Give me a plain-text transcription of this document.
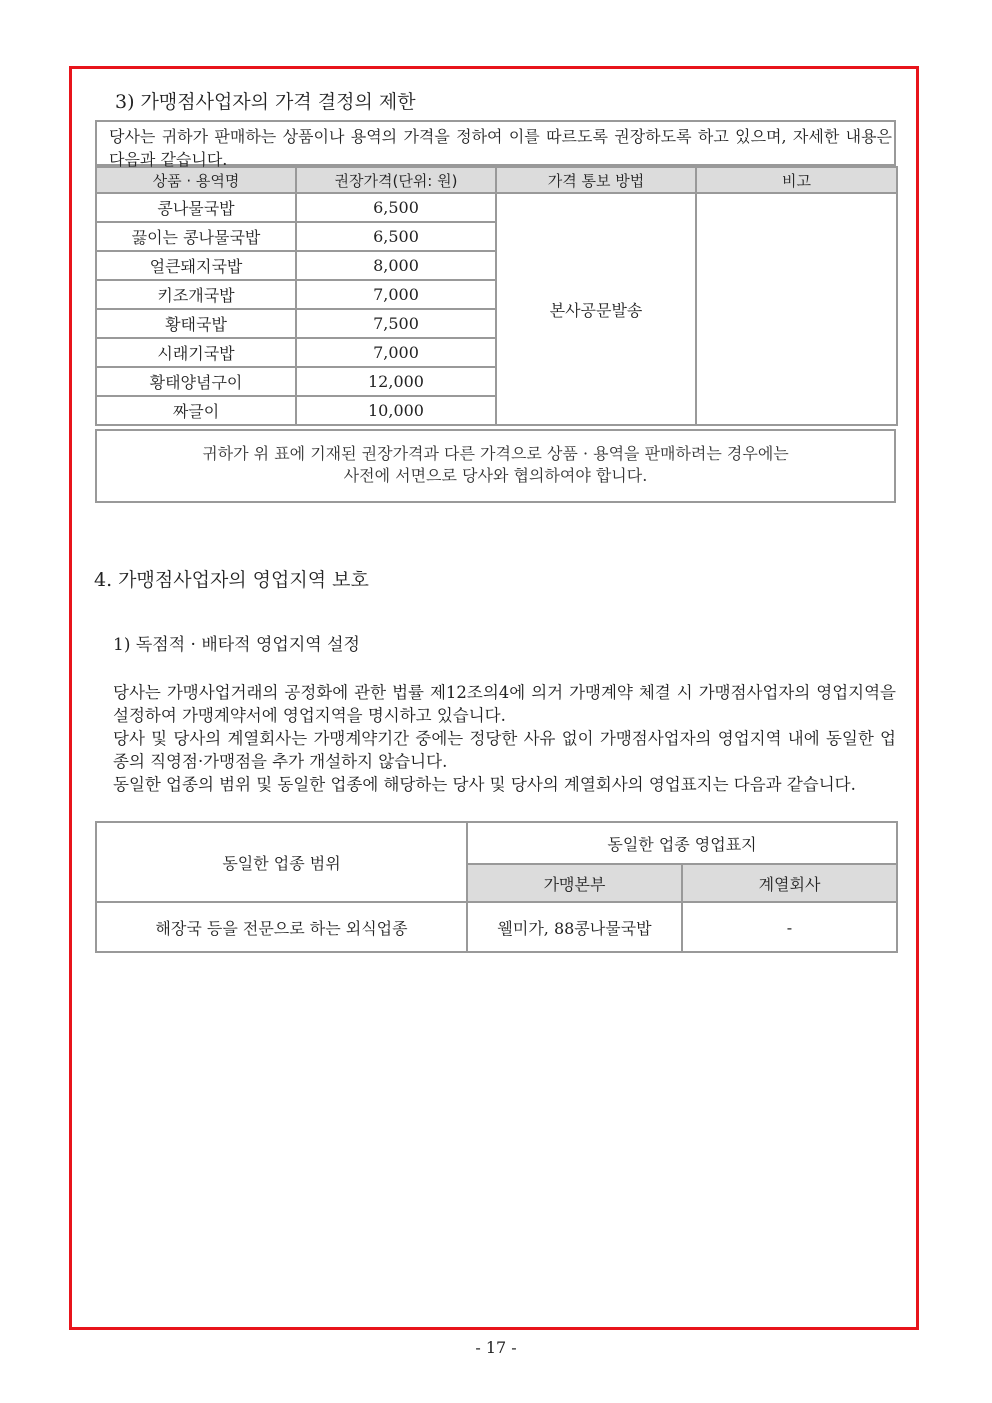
3) 가맹점사업자의 가격 결정의 제한
당사는 귀하가 판매하는 상품이나 용역의 가격을 정하여 이를 따르도록 권장하도록 하고 있으며, 자세한 내용은 다음과 같습니다.
상품 · 용역명	권장가격(단위: 원)	가격 통보 방법	비고
콩나물국밥	6,500	본사공문발송	
끓이는 콩나물국밥	6,500		
얼큰돼지국밥	8,000		
키조개국밥	7,000		
황태국밥	7,500		
시래기국밥	7,000		
황태양념구이	12,000		
짜글이	10,000		
귀하가 위 표에 기재된 권장가격과 다른 가격으로 상품 · 용역을 판매하려는 경우에는
사전에 서면으로 당사와 협의하여야 합니다.
4. 가맹점사업자의 영업지역 보호
1) 독점적 · 배타적 영업지역 설정

당사는 가맹사업거래의 공정화에 관한 법률 제12조의4에 의거 가맹계약 체결 시 가맹점사업자의 영업지역을 설정하여 가맹계약서에 영업지역을 명시하고 있습니다.

당사 및 당사의 계열회사는 가맹계약기간 중에는 정당한 사유 없이 가맹점사업자의 영업지역 내에 동일한 업종의 직영점·가맹점을 추가 개설하지 않습니다.

동일한 업종의 범위 및 동일한 업종에 해당하는 당사 및 당사의 계열회사의 영업표지는 다음과 같습니다.

동일한 업종 범위	동일한 업종 영업표지	
	가맹본부	계열회사
해장국 등을 전문으로 하는 외식업종	웰미가, 88콩나물국밥	-
- 17 -
